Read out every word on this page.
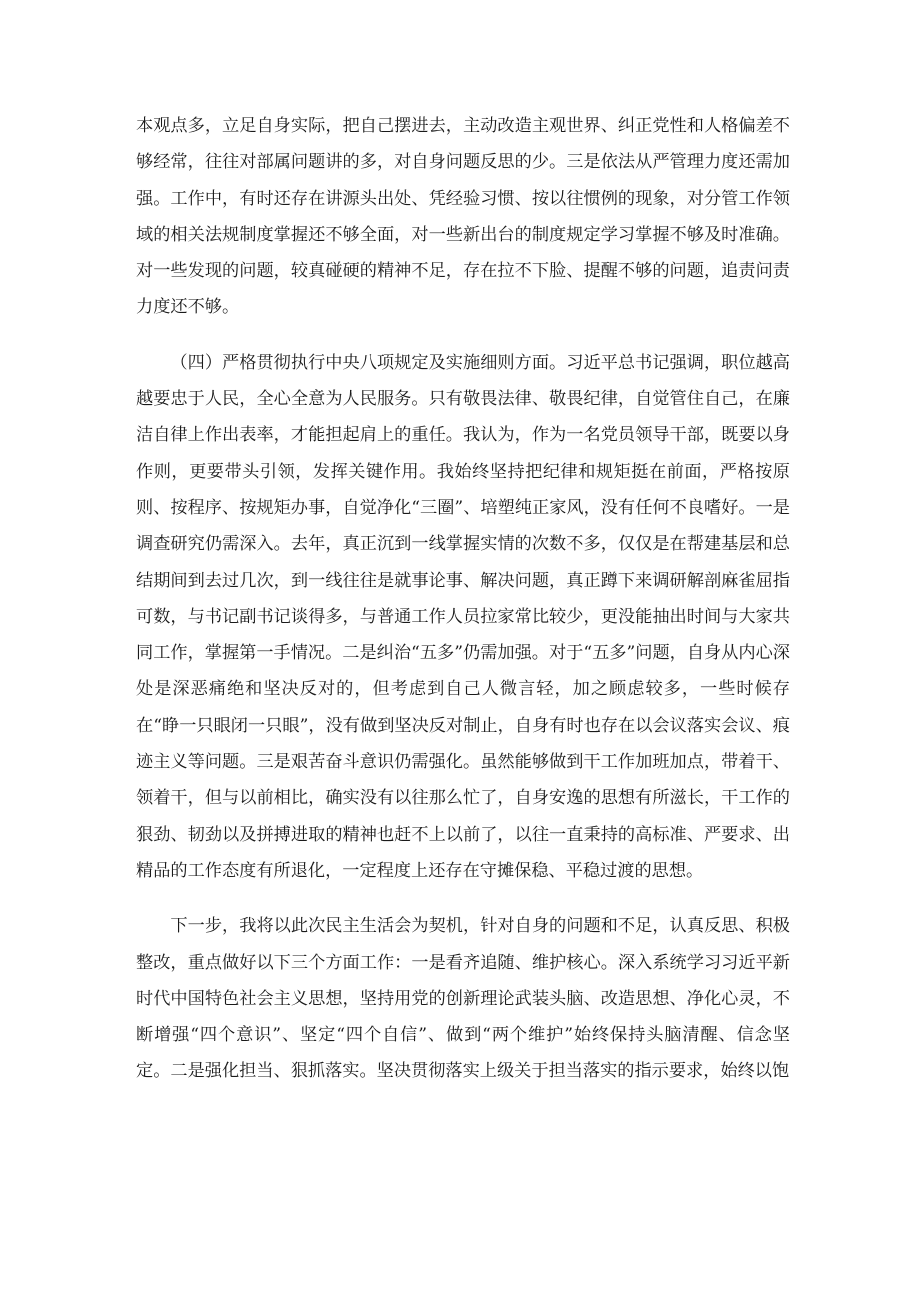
本观点多，立足自身实际，把自己摆进去，主动改造主观世界、纠正党性和人格偏差不够经常，往往对部属问题讲的多，对自身问题反思的少。三是依法从严管理力度还需加强。工作中，有时还存在讲源头出处、凭经验习惯、按以往惯例的现象，对分管工作领域的相关法规制度掌握还不够全面，对一些新出台的制度规定学习掌握不够及时准确。对一些发现的问题，较真碰硬的精神不足，存在拉不下脸、提醒不够的问题，追责问责力度还不够。

（四）严格贯彻执行中央八项规定及实施细则方面。习近平总书记强调，职位越高越要忠于人民，全心全意为人民服务。只有敬畏法律、敬畏纪律，自觉管住自己，在廉洁自律上作出表率，才能担起肩上的重任。我认为，作为一名党员领导干部，既要以身作则，更要带头引领，发挥关键作用。我始终坚持把纪律和规矩挺在前面，严格按原则、按程序、按规矩办事，自觉净化“三圈”、培塑纯正家风，没有任何不良嗜好。一是调查研究仍需深入。去年，真正沉到一线掌握实情的次数不多，仅仅是在帮建基层和总结期间到去过几次，到一线往往是就事论事、解决问题，真正蹲下来调研解剖麻雀屈指可数，与书记副书记谈得多，与普通工作人员拉家常比较少，更没能抽出时间与大家共同工作，掌握第一手情况。二是纠治“五多”仍需加强。对于“五多”问题，自身从内心深处是深恶痛绝和坚决反对的，但考虑到自己人微言轻，加之顾虑较多，一些时候存在“睁一只眼闭一只眼”，没有做到坚决反对制止，自身有时也存在以会议落实会议、痕迹主义等问题。三是艰苦奋斗意识仍需强化。虽然能够做到干工作加班加点，带着干、领着干，但与以前相比，确实没有以往那么忙了，自身安逸的思想有所滋长，干工作的狠劲、韧劲以及拼搏进取的精神也赶不上以前了，以往一直秉持的高标准、严要求、出精品的工作态度有所退化，一定程度上还存在守摊保稳、平稳过渡的思想。

下一步，我将以此次民主生活会为契机，针对自身的问题和不足，认真反思、积极整改，重点做好以下三个方面工作：一是看齐追随、维护核心。深入系统学习习近平新时代中国特色社会主义思想，坚持用党的创新理论武装头脑、改造思想、净化心灵，不断增强“四个意识”、坚定“四个自信”、做到“两个维护”始终保持头脑清醒、信念坚定。二是强化担当、狠抓落实。坚决贯彻落实上级关于担当落实的指示要求，始终以饱
